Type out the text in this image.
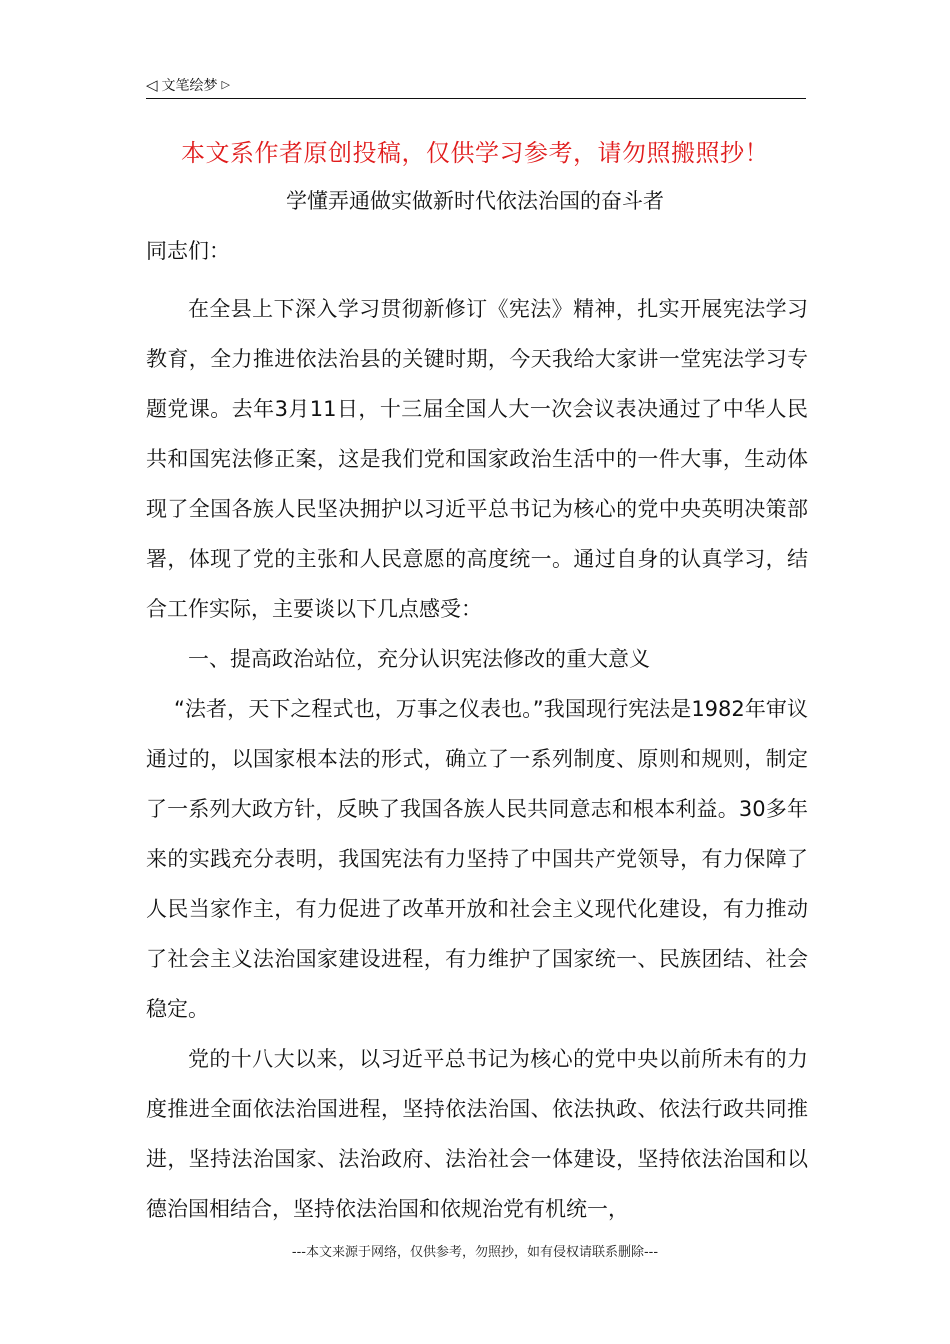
◁ 文笔绘梦 ▷
本文系作者原创投稿，仅供学习参考，请勿照搬照抄！
学懂弄通做实做新时代依法治国的奋斗者

同志们：

在全县上下深入学习贯彻新修订《宪法》精神，扎实开展宪法学习教育，全力推进依法治县的关键时期，今天我给大家讲一堂宪法学习专题党课。去年3月11日，十三届全国人大一次会议表决通过了中华人民共和国宪法修正案，这是我们党和国家政治生活中的一件大事，生动体现了全国各族人民坚决拥护以习近平总书记为核心的党中央英明决策部署，体现了党的主张和人民意愿的高度统一。通过自身的认真学习，结合工作实际，主要谈以下几点感受：

一、提高政治站位，充分认识宪法修改的重大意义

“法者，天下之程式也，万事之仪表也。”我国现行宪法是1982年审议通过的，以国家根本法的形式，确立了一系列制度、原则和规则，制定了一系列大政方针，反映了我国各族人民共同意志和根本利益。30多年来的实践充分表明，我国宪法有力坚持了中国共产党领导，有力保障了人民当家作主，有力促进了改革开放和社会主义现代化建设，有力推动了社会主义法治国家建设进程，有力维护了国家统一、民族团结、社会稳定。

党的十八大以来，以习近平总书记为核心的党中央以前所未有的力度推进全面依法治国进程，坚持依法治国、依法执政、依法行政共同推进，坚持法治国家、法治政府、法治社会一体建设，坚持依法治国和以德治国相结合，坚持依法治国和依规治党有机统一，

---本文来源于网络，仅供参考，勿照抄，如有侵权请联系删除---
